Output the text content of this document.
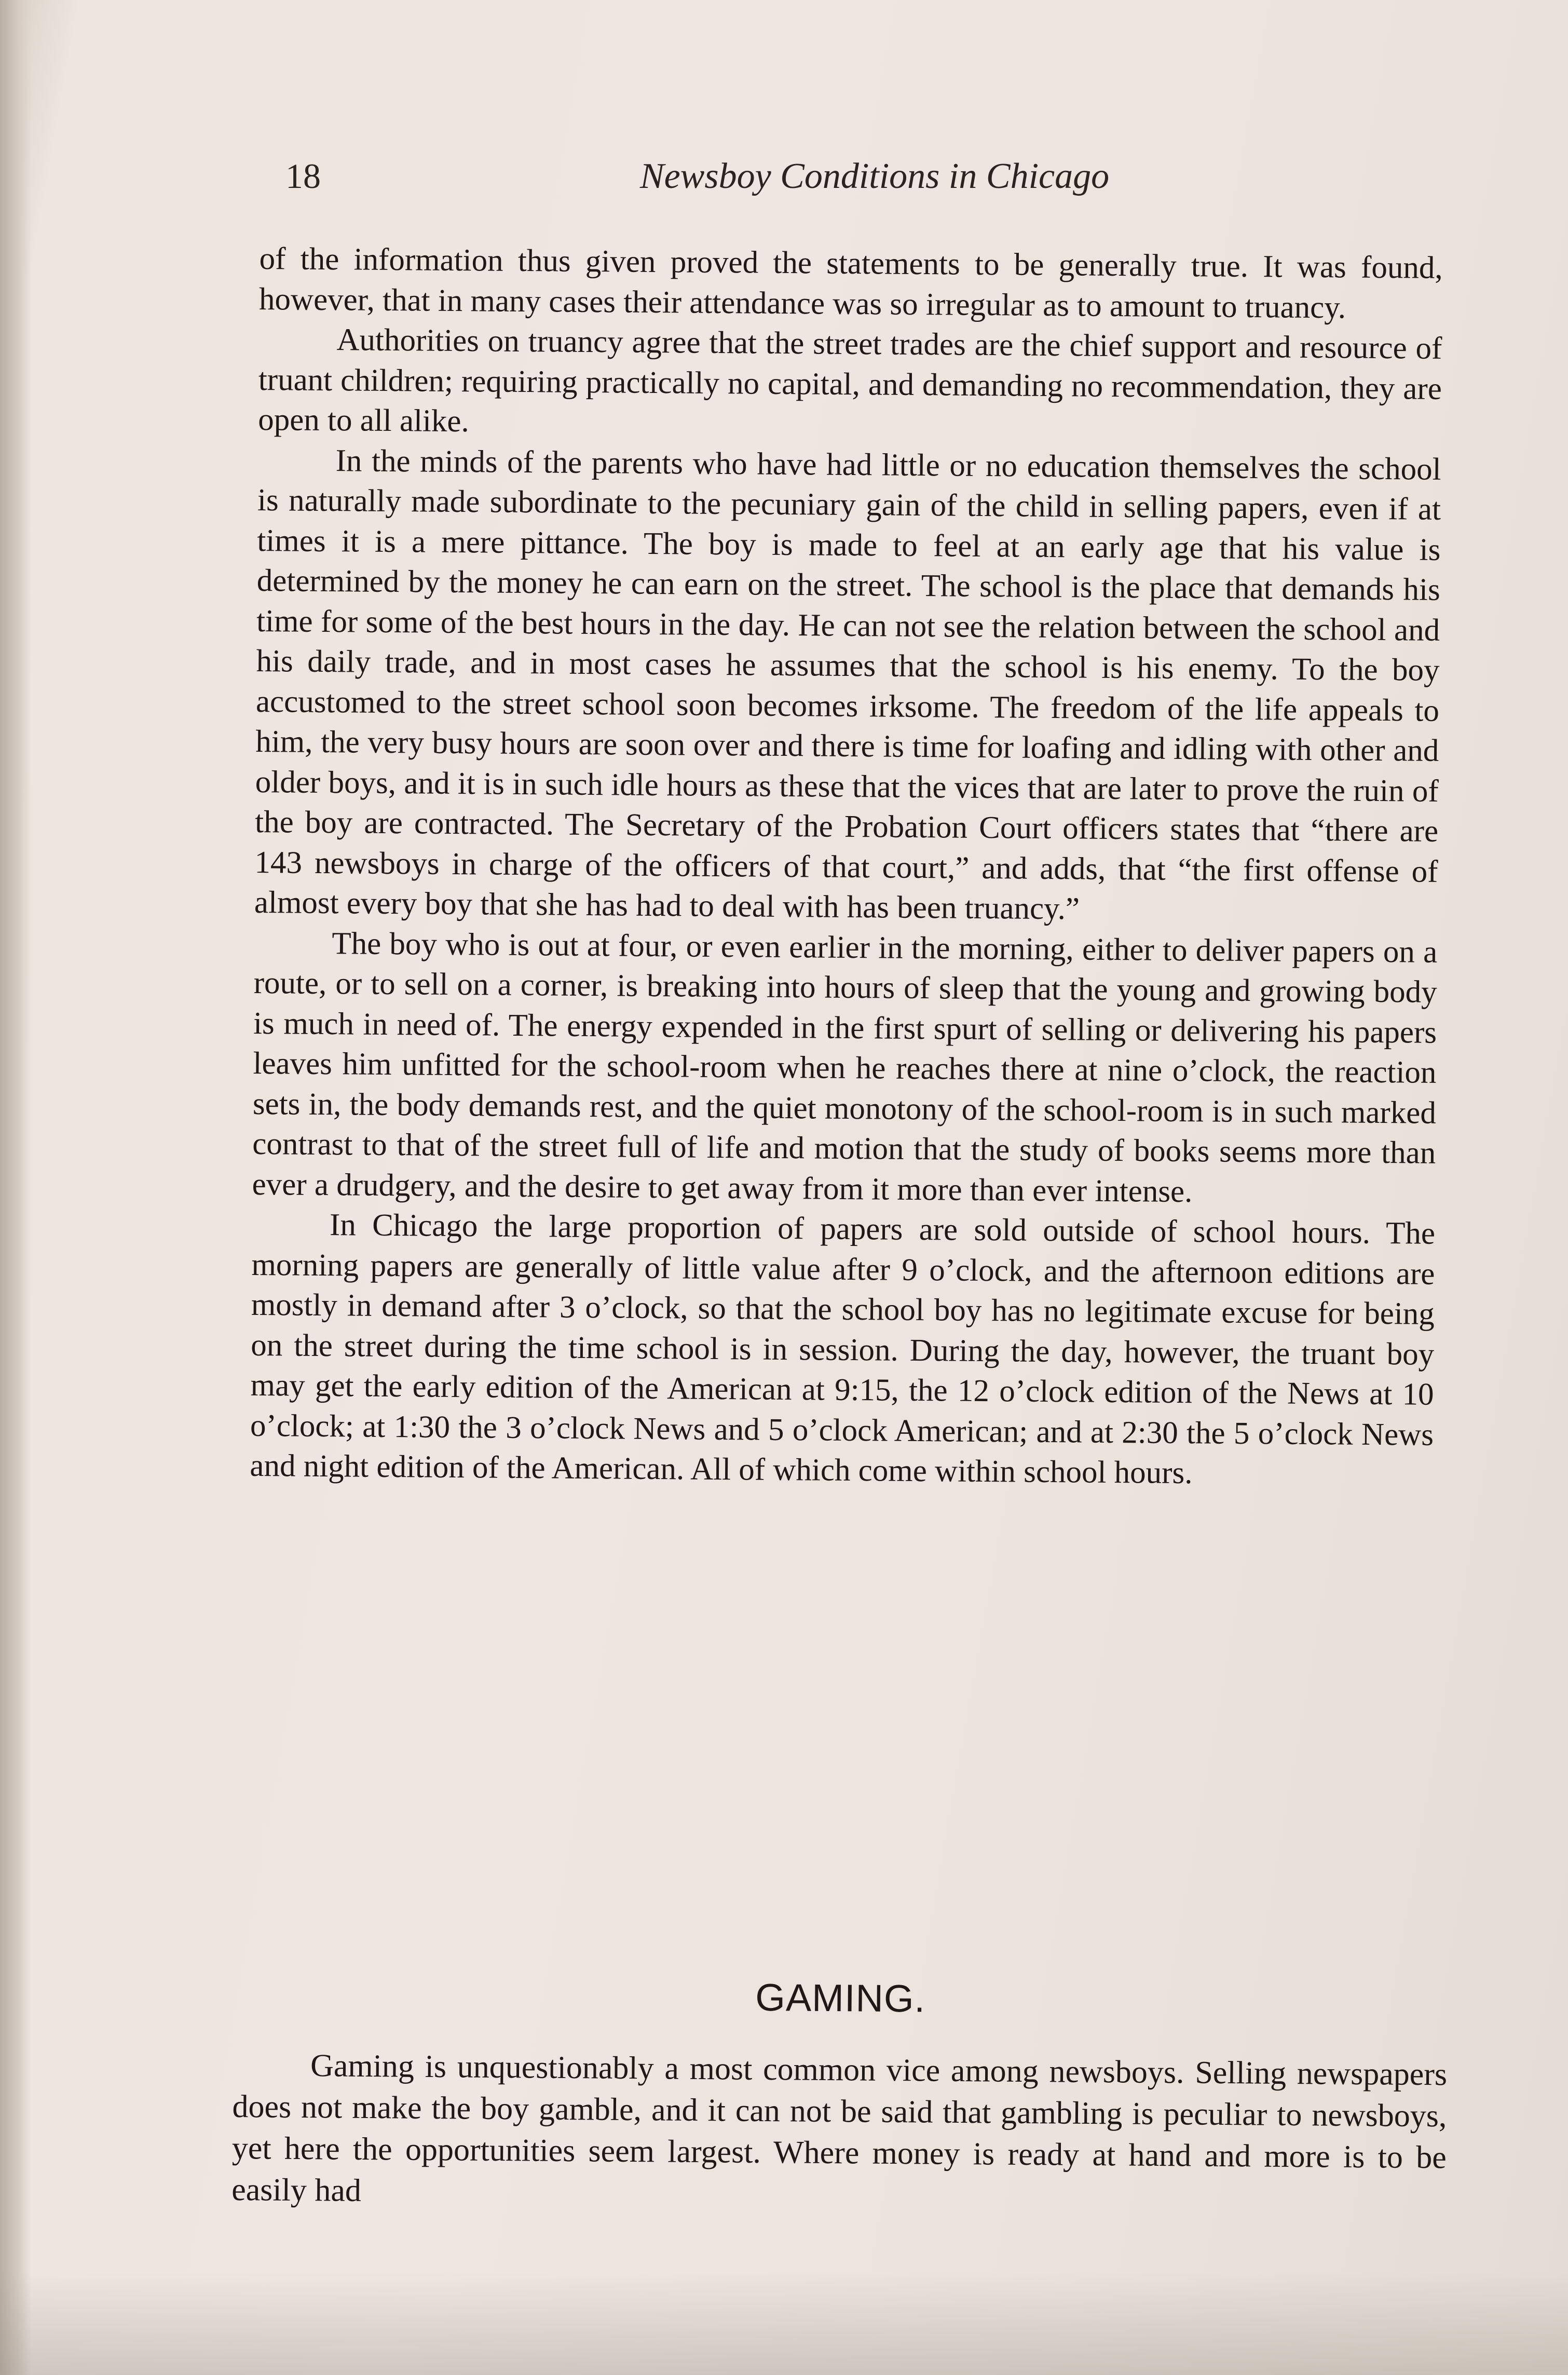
18	Newsboy Conditions in Chicago

of the information thus given proved the statements to be generally true. It was found, however, that in many cases their attendance was so irregular as to amount to truancy.

Authorities on truancy agree that the street trades are the chief support and resource of truant children; requiring practically no capital, and demanding no recommendation, they are open to all alike.

In the minds of the parents who have had little or no education themselves the school is naturally made subordinate to the pecuniary gain of the child in selling papers, even if at times it is a mere pittance. The boy is made to feel at an early age that his value is determined by the money he can earn on the street. The school is the place that demands his time for some of the best hours in the day. He can not see the relation between the school and his daily trade, and in most cases he assumes that the school is his enemy. To the boy accustomed to the street school soon becomes irksome. The freedom of the life appeals to him, the very busy hours are soon over and there is time for loafing and idling with other and older boys, and it is in such idle hours as these that the vices that are later to prove the ruin of the boy are contracted. The Secretary of the Probation Court officers states that “there are 143 newsboys in charge of the officers of that court,” and adds, that “the first offense of almost every boy that she has had to deal with has been truancy.”

The boy who is out at four, or even earlier in the morning, either to deliver papers on a route, or to sell on a corner, is breaking into hours of sleep that the young and growing body is much in need of. The energy expended in the first spurt of selling or delivering his papers leaves him unfitted for the school-room when he reaches there at nine o’clock, the reaction sets in, the body demands rest, and the quiet monotony of the school-room is in such marked contrast to that of the street full of life and motion that the study of books seems more than ever a drudgery, and the desire to get away from it more than ever intense.

In Chicago the large proportion of papers are sold outside of school hours. The morning papers are generally of little value after 9 o’clock, and the afternoon editions are mostly in demand after 3 o’clock, so that the school boy has no legitimate excuse for being on the street during the time school is in session. During the day, however, the truant boy may get the early edition of the American at 9:15, the 12 o’clock edition of the News at 10 o’clock; at 1:30 the 3 o’clock News and 5 o’clock American; and at 2:30 the 5 o’clock News and night edition of the American. All of which come within school hours.

GAMING.

Gaming is unquestionably a most common vice among newsboys. Selling newspapers does not make the boy gamble, and it can not be said that gambling is peculiar to newsboys, yet here the opportunities seem largest. Where money is ready at hand and more is to be easily had
